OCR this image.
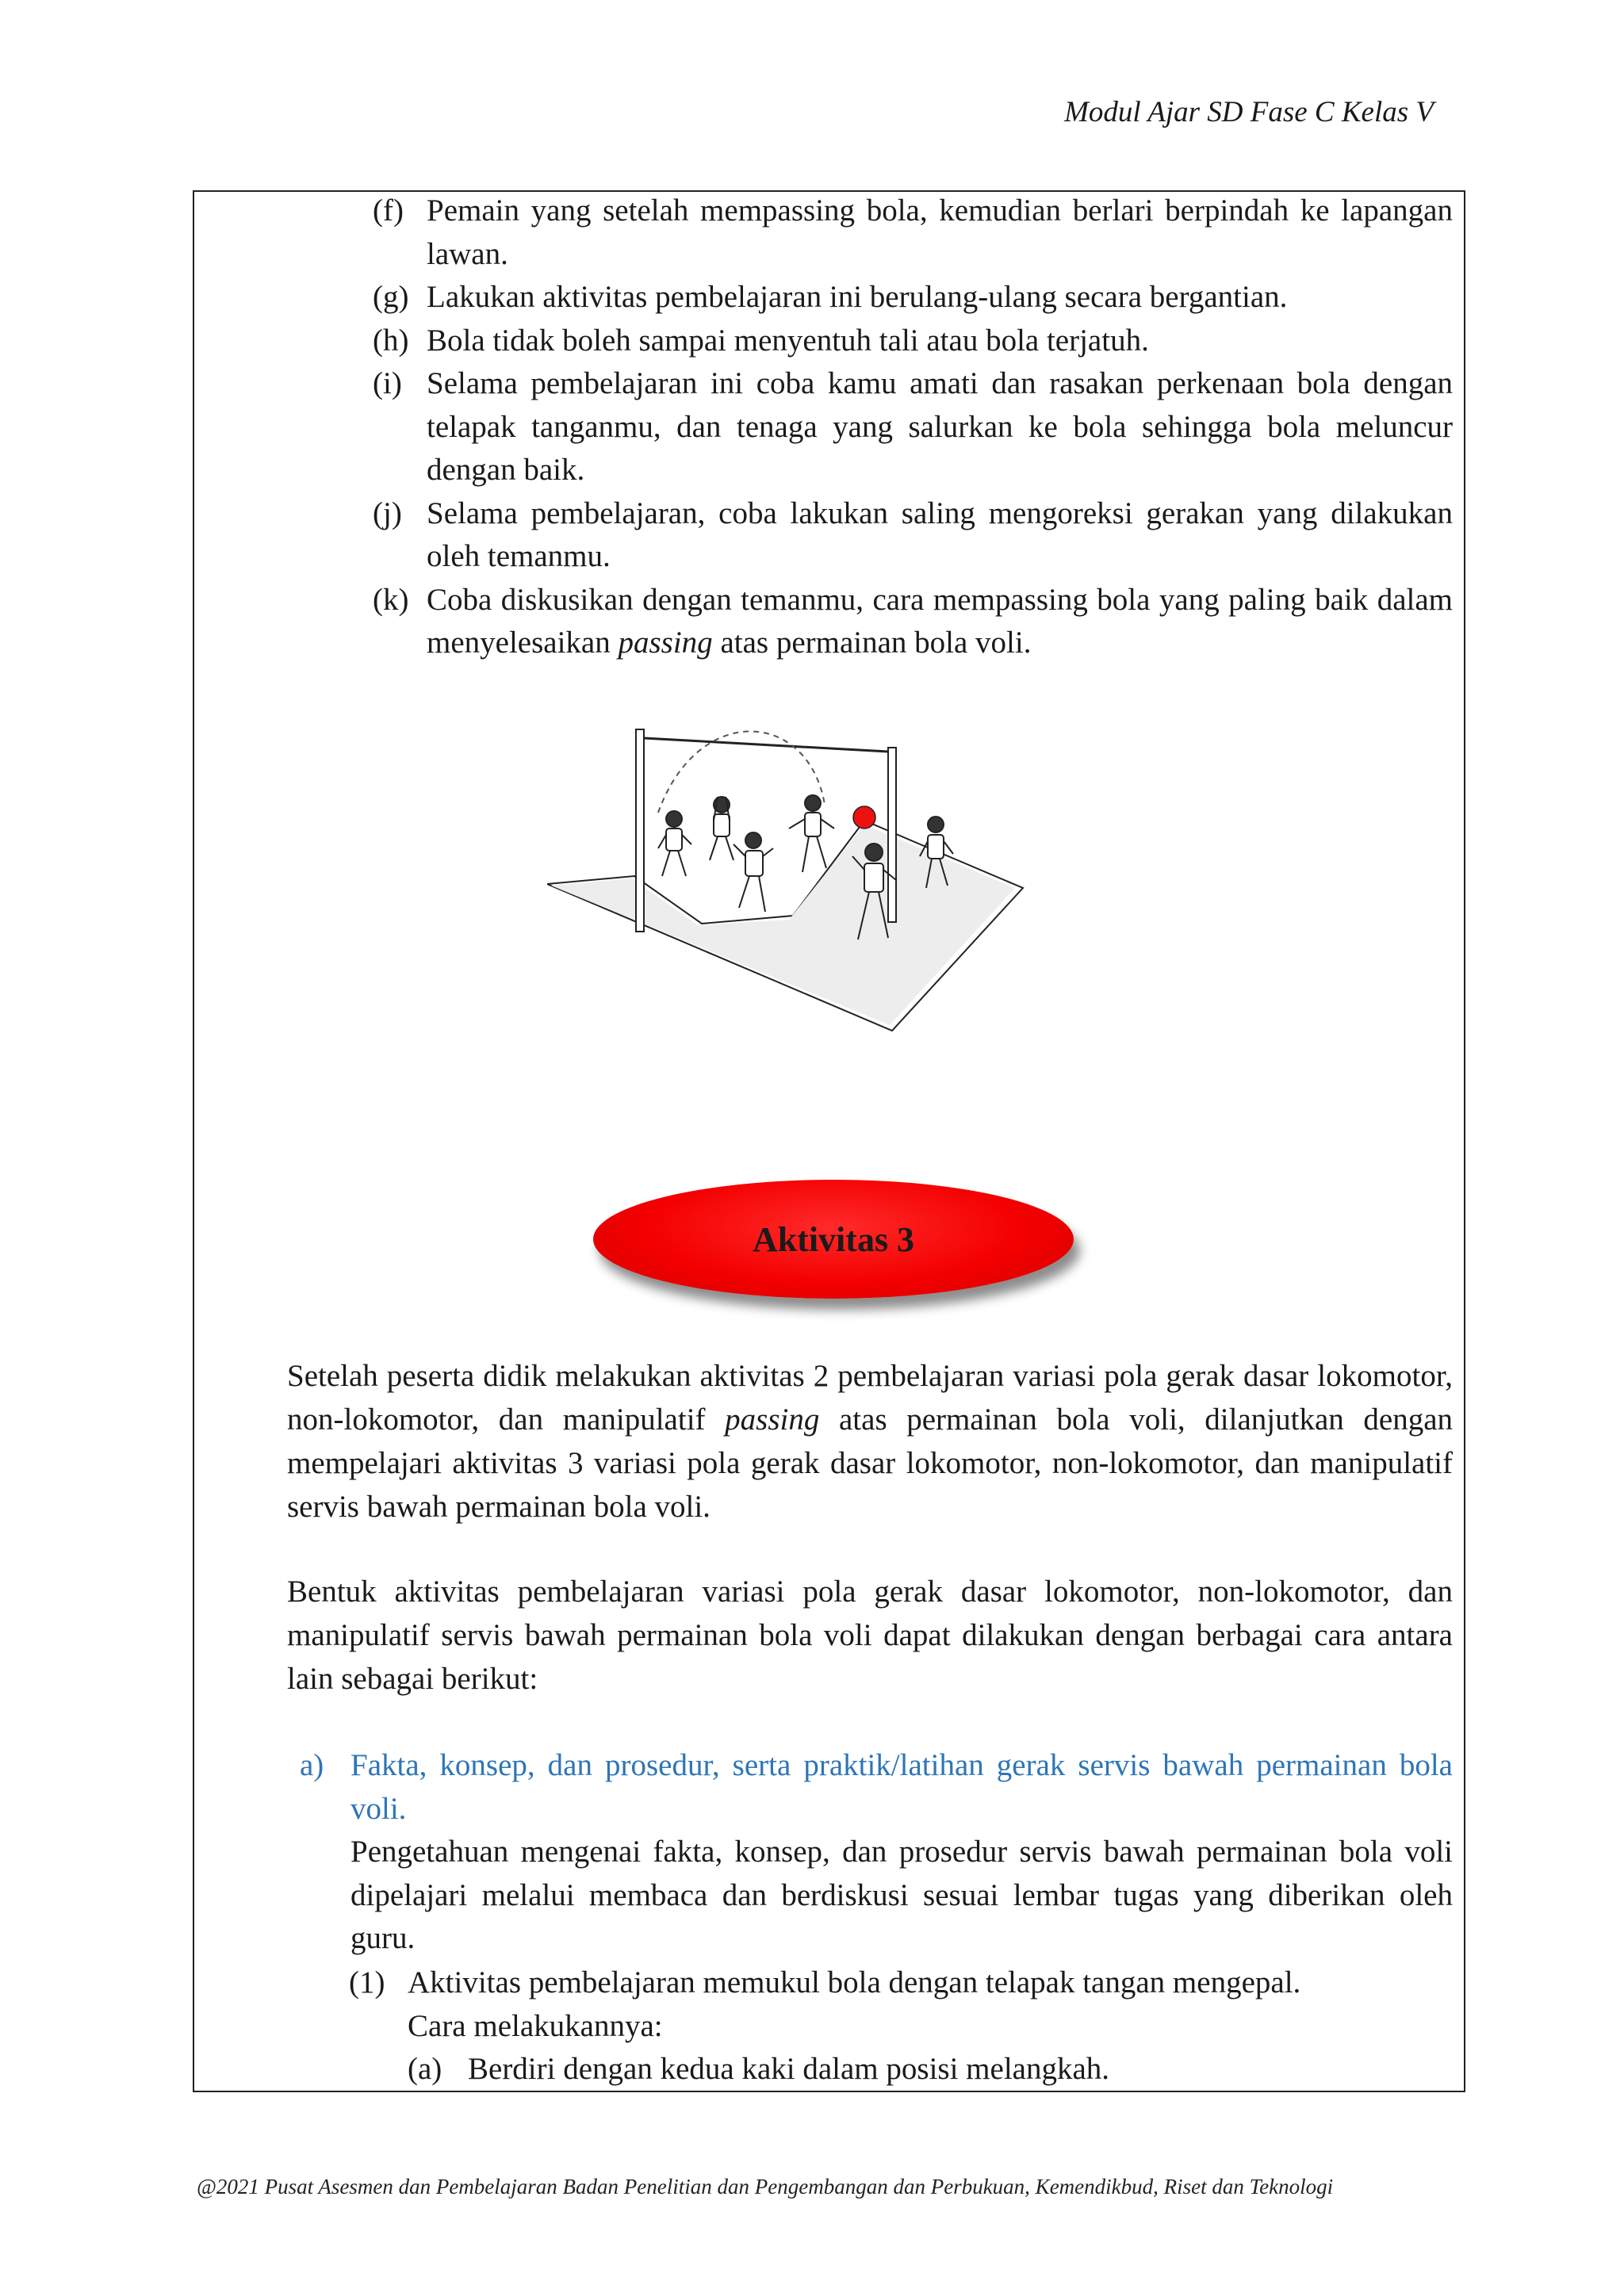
Modul Ajar SD Fase C Kelas V
(f) Pemain yang setelah mempassing bola, kemudian berlari berpindah ke lapangan lawan.
(g) Lakukan aktivitas pembelajaran ini berulang-ulang secara bergantian.
(h) Bola tidak boleh sampai menyentuh tali atau bola terjatuh.
(i) Selama pembelajaran ini coba kamu amati dan rasakan perkenaan bola dengan telapak tanganmu, dan tenaga yang salurkan ke bola sehingga bola meluncur dengan baik.
(j) Selama pembelajaran, coba lakukan saling mengoreksi gerakan yang dilakukan oleh temanmu.
(k) Coba diskusikan dengan temanmu, cara mempassing bola yang paling baik dalam menyelesaikan passing atas permainan bola voli.
Aktivitas 3
Setelah peserta didik melakukan aktivitas 2 pembelajaran variasi pola gerak dasar lokomotor, non-lokomotor, dan manipulatif passing atas permainan bola voli, dilanjutkan dengan mempelajari aktivitas 3 variasi pola gerak dasar lokomotor, non-lokomotor, dan manipulatif servis bawah permainan bola voli.
Bentuk aktivitas pembelajaran variasi pola gerak dasar lokomotor, non-lokomotor, dan manipulatif servis bawah permainan bola voli dapat dilakukan dengan berbagai cara antara lain sebagai berikut:
a) Fakta, konsep, dan prosedur, serta praktik/latihan gerak servis bawah permainan bola voli.
Pengetahuan mengenai fakta, konsep, dan prosedur servis bawah permainan bola voli dipelajari melalui membaca dan berdiskusi sesuai lembar tugas yang diberikan oleh guru.
(1) Aktivitas pembelajaran memukul bola dengan telapak tangan mengepal.
Cara melakukannya:
(a) Berdiri dengan kedua kaki dalam posisi melangkah.
@2021 Pusat Asesmen dan Pembelajaran Badan Penelitian dan Pengembangan dan Perbukuan, Kemendikbud, Riset dan Teknologi
